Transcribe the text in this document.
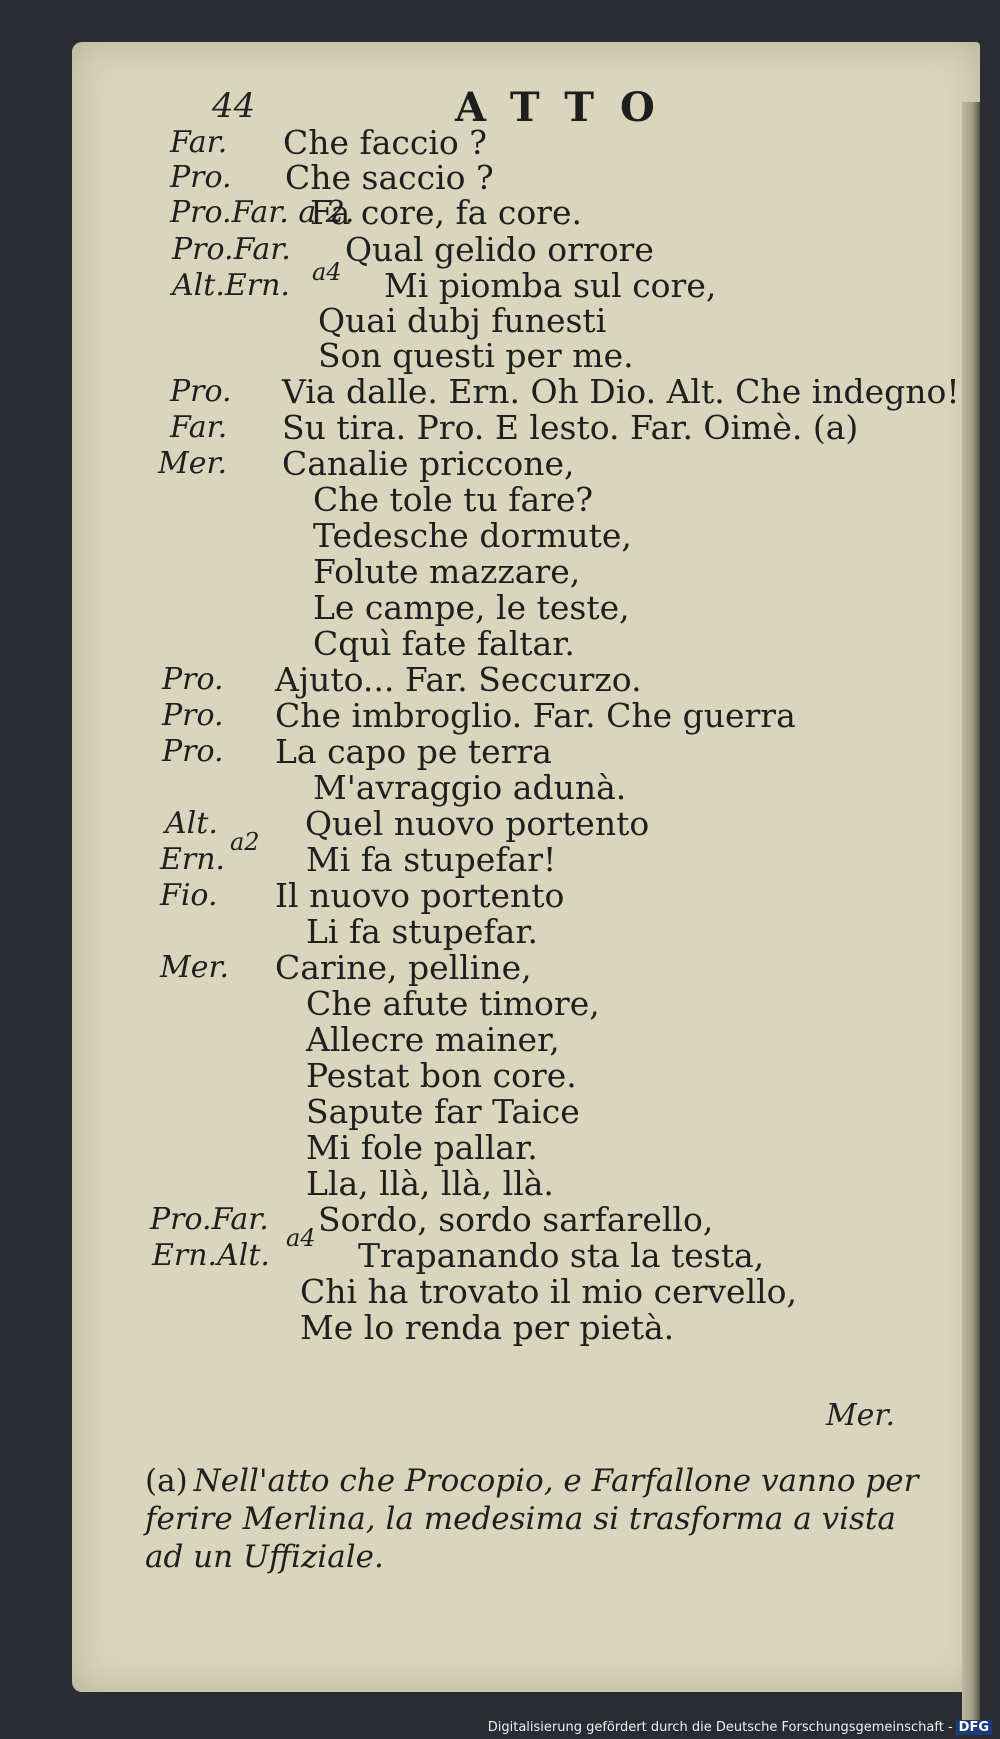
44	ATTO
Far. Che faccio ?
Pro. Che saccio ?
Pro.Far. a 2.
Fa core, fa core.
Pro.Far. Qual gelido orrore
Alt.Ern. a4 Mi piomba sul core,
Quai dubj funesti
Son questi per me.
Pro. Via dalle. Ern. Oh Dio. Alt. Che indegno!
Far. Su tira. Pro. E lesto. Far. Oimè. (a)
Mer. Canalie priccone,
Che tole tu fare?
Tedesche dormute,
Folute mazzare,
Le campe, le teste,
Cquì fate faltar.
Pro. Ajuto... Far. Seccurzo.
Pro. Che imbroglio. Far. Che guerra
Pro. La capo pe terra
M'avraggio adunà.
Alt.
a2 Quel nuovo portento
Ern. Mi fa stupefar!
Fio. Il nuovo portento
Li fa stupefar.
Mer. Carine, pelline,
Che afute timore,
Allecre mainer,
Pestat bon core.
Sapute far Taice
Mi fole pallar.
Lla, llà, llà, llà.
Pro.Far.
a4 Sordo, sordo sarfarello,
Ern.Alt.	Trapanando sta la testa,
Chi ha trovato il mio cervello,
Me lo renda per pietà.
Mer.
(a) Nell'atto che Procopio, e Farfallone vanno per ferire Merlina, la medesima si trasforma a vista ad un Uffiziale.
Digitalisierung gefördert durch die Deutsche Forschungsgemeinschaft - DFG
